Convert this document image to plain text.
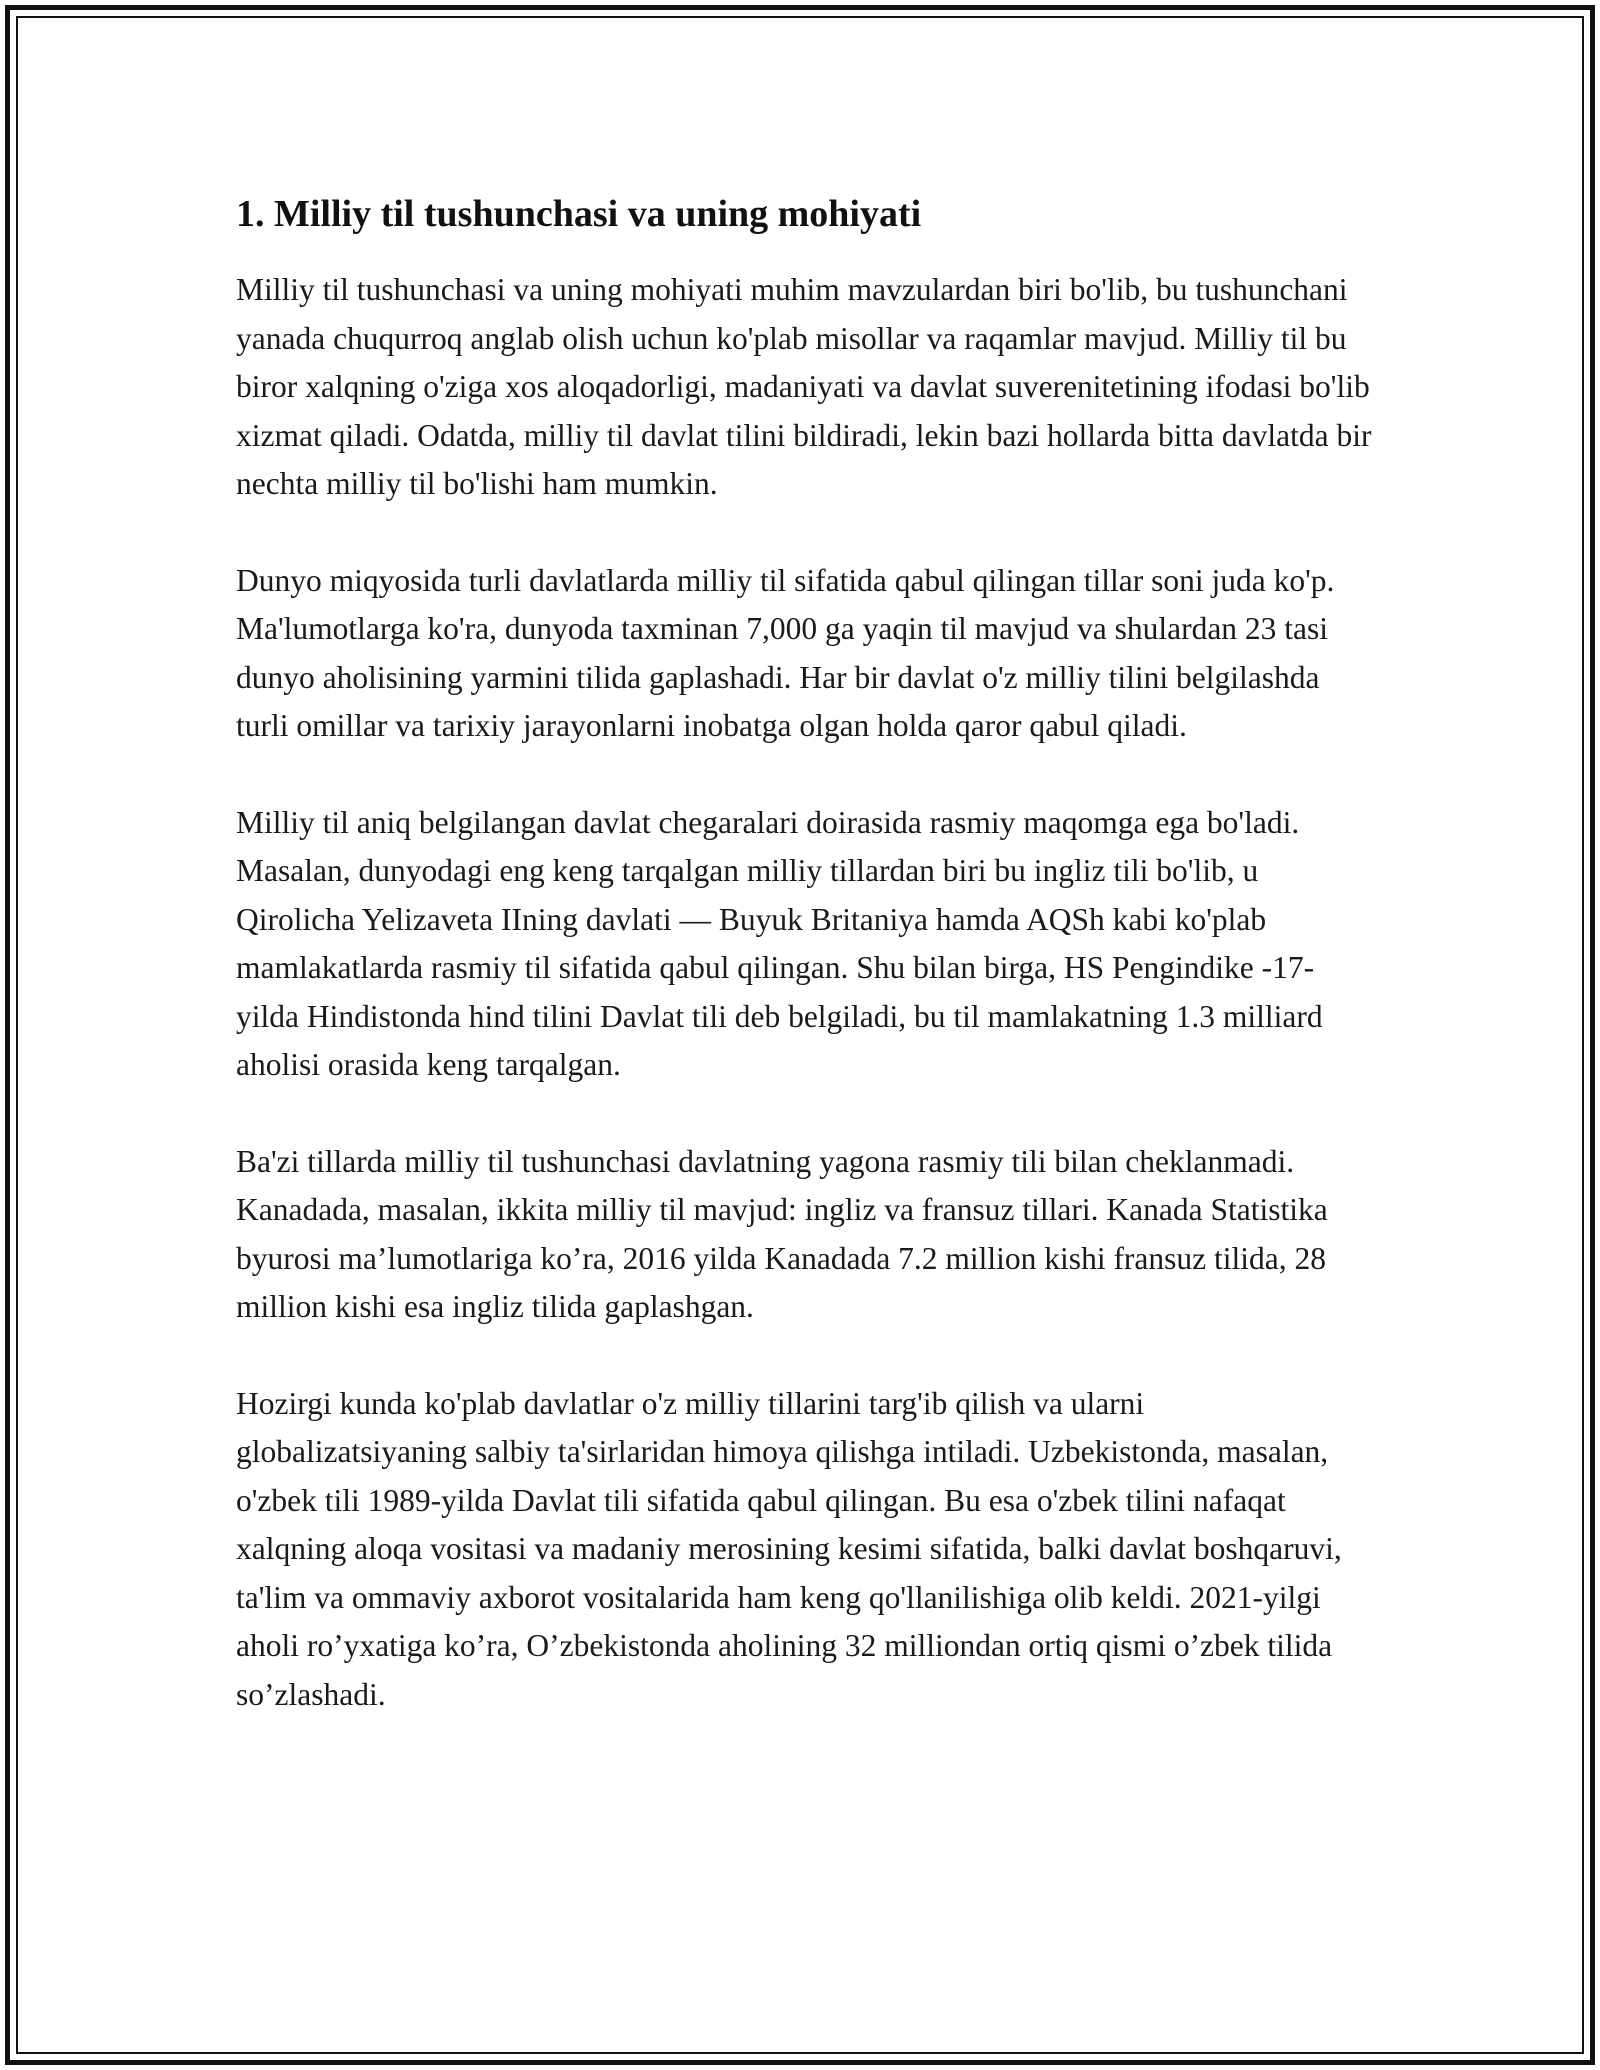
1. Milliy til tushunchasi va uning mohiyati

Milliy til tushunchasi va uning mohiyati muhim mavzulardan biri bo'lib, bu tushunchani yanada chuqurroq anglab olish uchun ko'plab misollar va raqamlar mavjud. Milliy til bu biror xalqning o'ziga xos aloqadorligi, madaniyati va davlat suverenitetining ifodasi bo'lib xizmat qiladi. Odatda, milliy til davlat tilini bildiradi, lekin bazi hollarda bitta davlatda bir nechta milliy til bo'lishi ham mumkin.

Dunyo miqyosida turli davlatlarda milliy til sifatida qabul qilingan tillar soni juda ko'p. Ma'lumotlarga ko'ra, dunyoda taxminan 7,000 ga yaqin til mavjud va shulardan 23 tasi dunyo aholisining yarmini tilida gaplashadi. Har bir davlat o'z milliy tilini belgilashda turli omillar va tarixiy jarayonlarni inobatga olgan holda qaror qabul qiladi.

Milliy til aniq belgilangan davlat chegaralari doirasida rasmiy maqomga ega bo'ladi. Masalan, dunyodagi eng keng tarqalgan milliy tillardan biri bu ingliz tili bo'lib, u Qirolicha Yelizaveta IIning davlati — Buyuk Britaniya hamda AQSh kabi ko'plab mamlakatlarda rasmiy til sifatida qabul qilingan. Shu bilan birga, HS Pengindike -17-yilda Hindistonda hind tilini Davlat tili deb belgiladi, bu til mamlakatning 1.3 milliard aholisi orasida keng tarqalgan.

Ba'zi tillarda milliy til tushunchasi davlatning yagona rasmiy tili bilan cheklanmadi. Kanadada, masalan, ikkita milliy til mavjud: ingliz va fransuz tillari. Kanada Statistika byurosi ma’lumotlariga ko’ra, 2016 yilda Kanadada 7.2 million kishi fransuz tilida, 28 million kishi esa ingliz tilida gaplashgan.

Hozirgi kunda ko'plab davlatlar o'z milliy tillarini targ'ib qilish va ularni globalizatsiyaning salbiy ta'sirlaridan himoya qilishga intiladi. Uzbekistonda, masalan, o'zbek tili 1989-yilda Davlat tili sifatida qabul qilingan. Bu esa o'zbek tilini nafaqat xalqning aloqa vositasi va madaniy merosining kesimi sifatida, balki davlat boshqaruvi, ta'lim va ommaviy axborot vositalarida ham keng qo'llanilishiga olib keldi. 2021-yilgi aholi ro’yxatiga ko’ra, O’zbekistonda aholining 32 milliondan ortiq qismi o’zbek tilida so’zlashadi.
